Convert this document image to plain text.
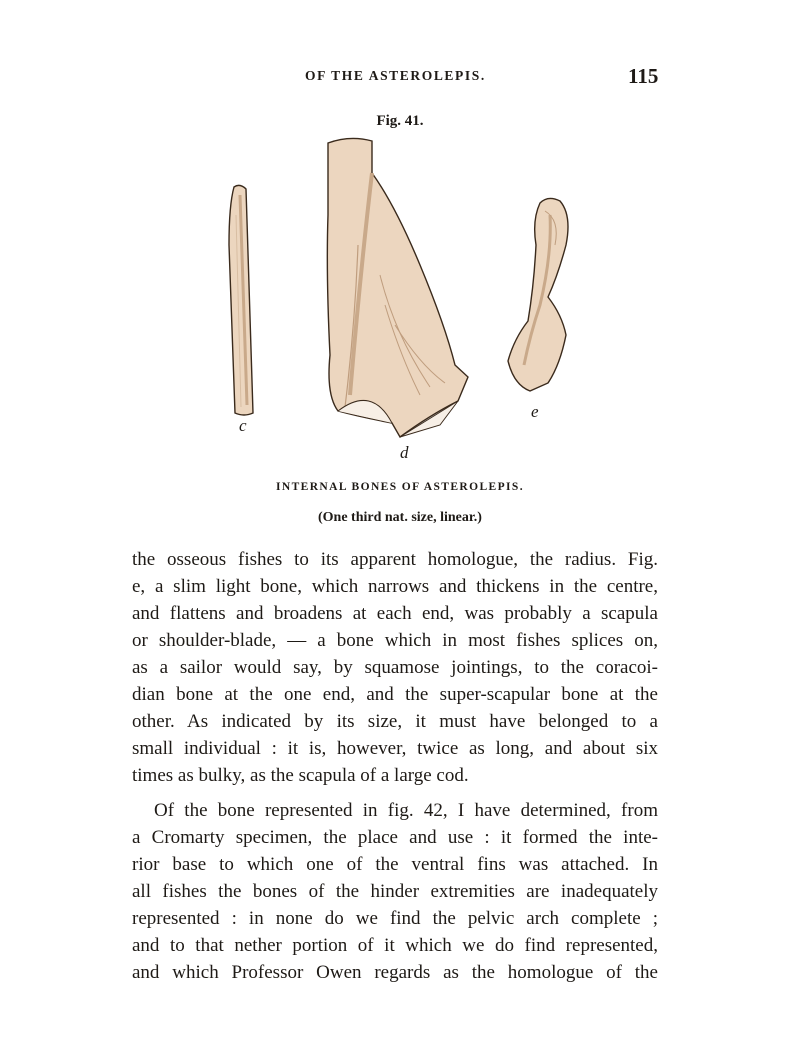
OF THE ASTEROLEPIS.	115
Fig. 41.
c
d
e
INTERNAL BONES OF ASTEROLEPIS.
(One third nat. size, linear.)
the osseous fishes to its apparent homologue, the radius. Fig.
e, a slim light bone, which narrows and thickens in the centre,
and flattens and broadens at each end, was probably a scapula
or shoulder-blade, — a bone which in most fishes splices on,
as a sailor would say, by squamose jointings, to the coracoi-
dian bone at the one end, and the super-scapular bone at the
other. As indicated by its size, it must have belonged to a
small individual : it is, however, twice as long, and about six
times as bulky, as the scapula of a large cod.
Of the bone represented in fig. 42, I have determined, from
a Cromarty specimen, the place and use : it formed the inte-
rior base to which one of the ventral fins was attached. In
all fishes the bones of the hinder extremities are inadequately
represented : in none do we find the pelvic arch complete ;
and to that nether portion of it which we do find represented,
and which Professor Owen regards as the homologue of the
